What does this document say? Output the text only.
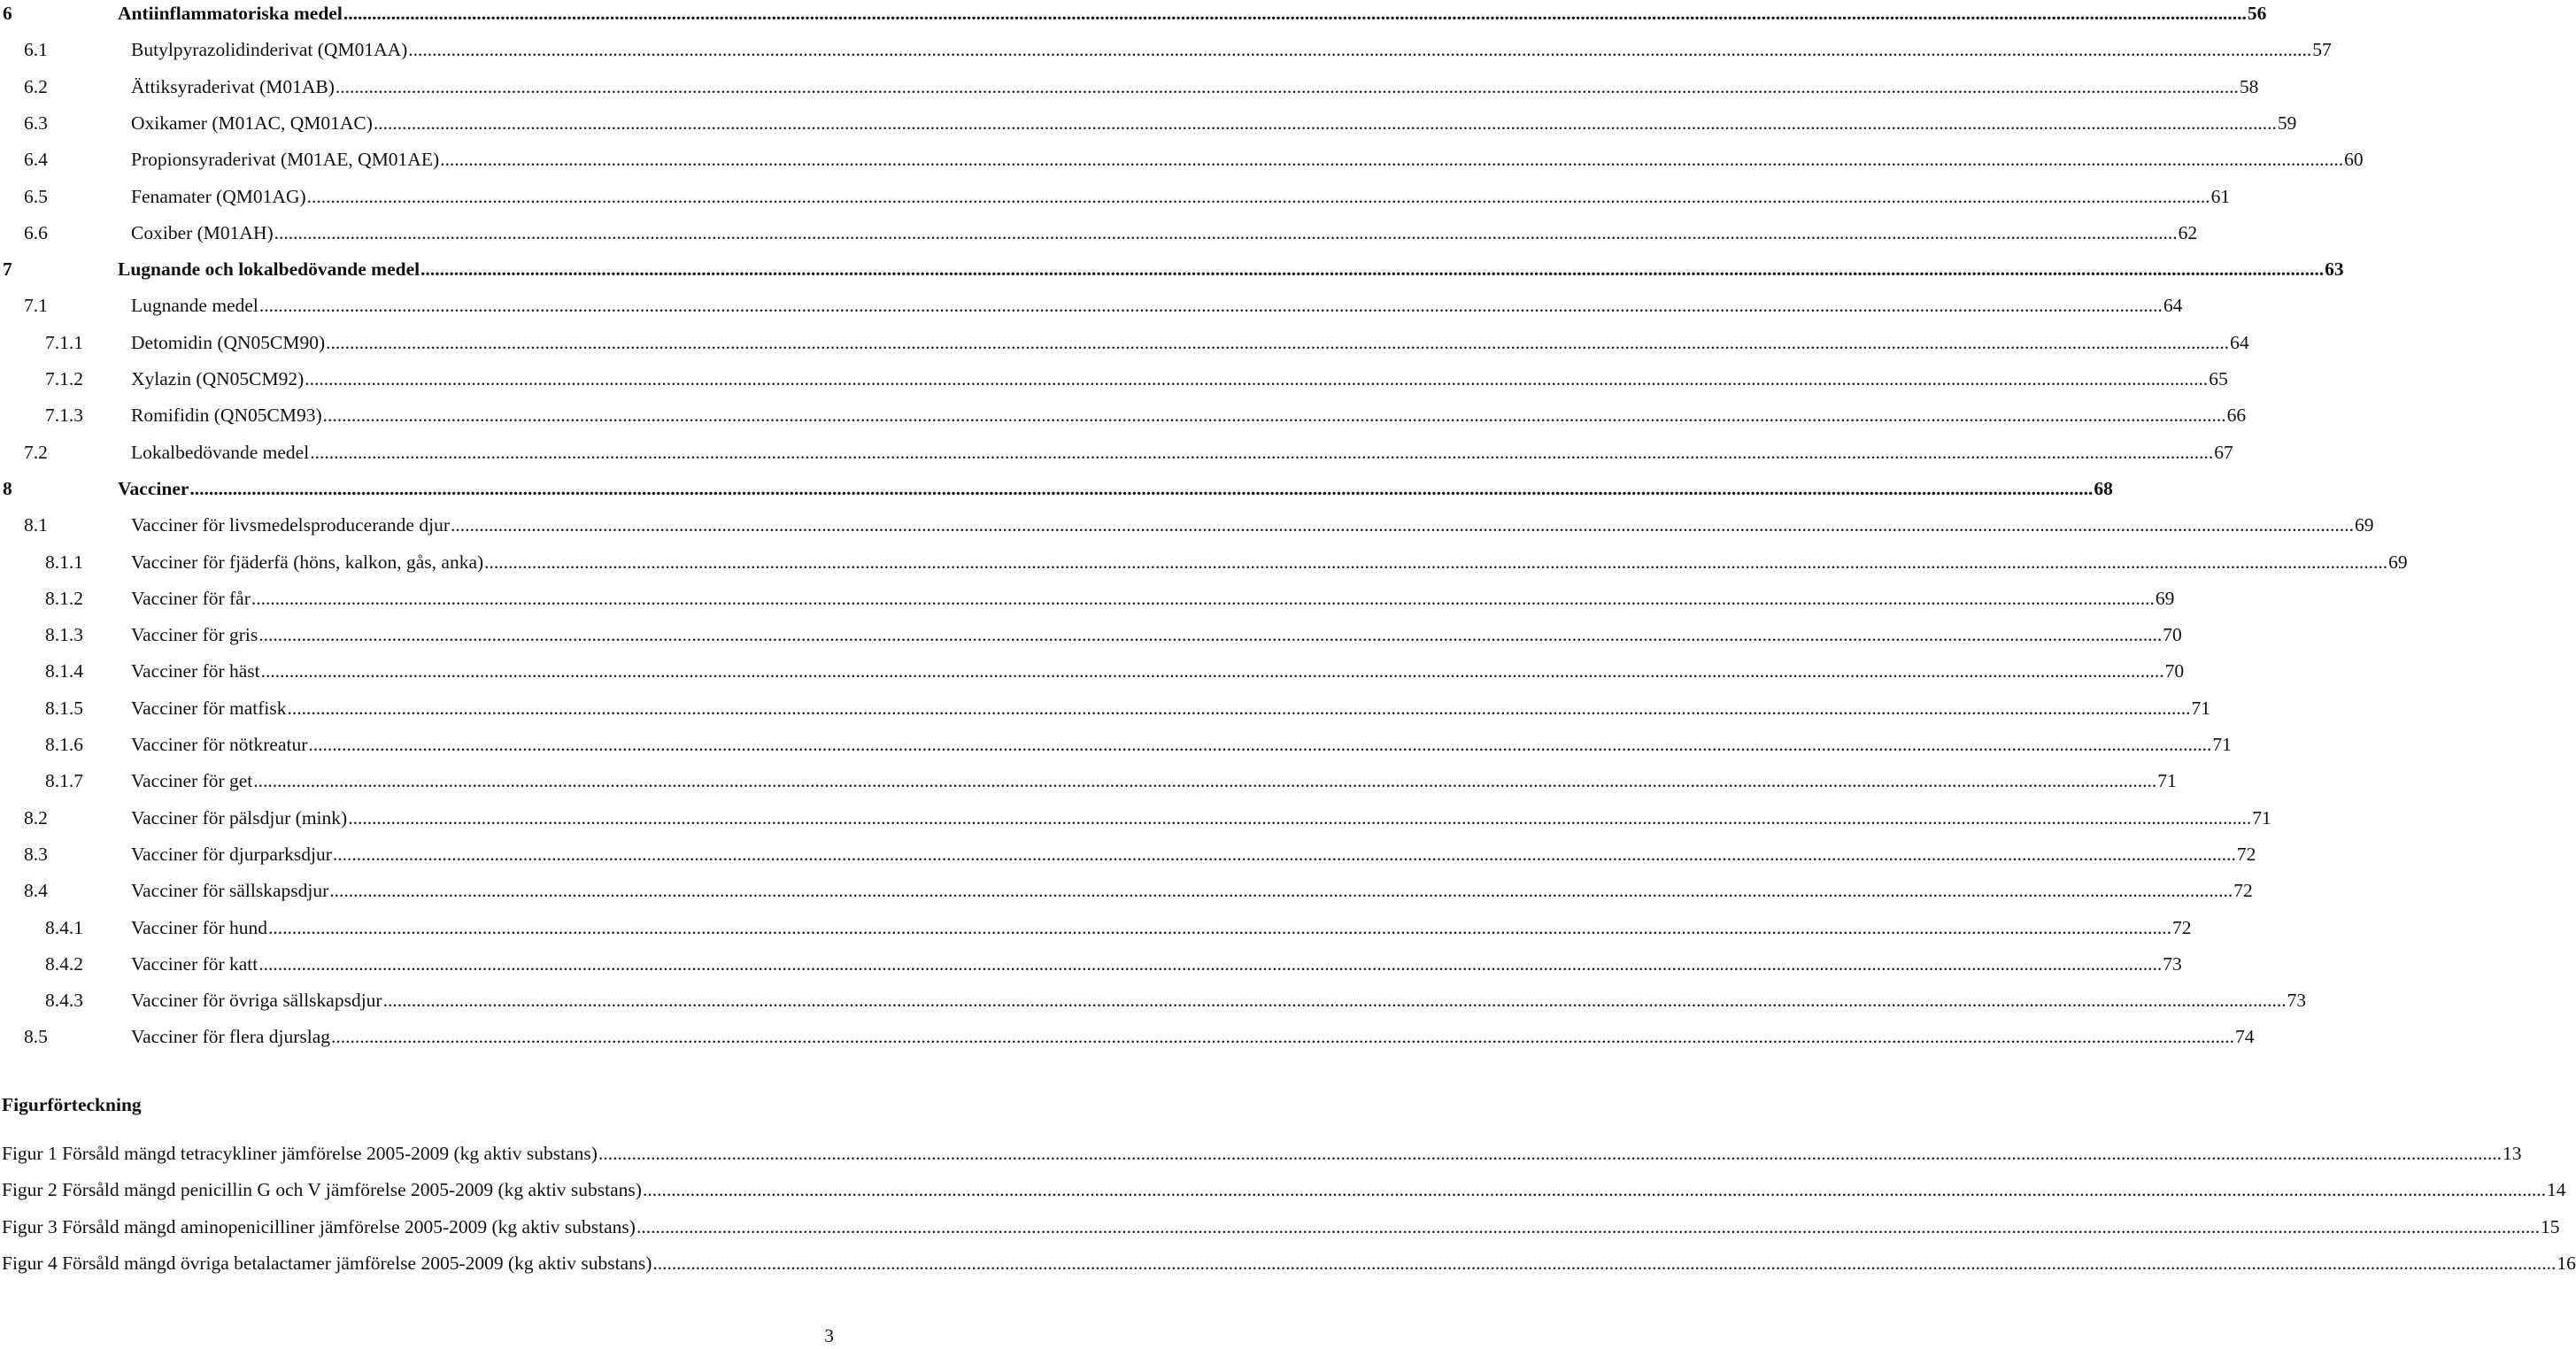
6	Antiinflammatoriska medel ................................................................................................................................................................................................................................................................................................................................................................................................................ 56
6.1	Butylpyrazolidinderivat (QM01AA) ................................................................................................................................................................................................................................................................................................................................................................................................................ 57
6.2	Ättiksyraderivat (M01AB) ................................................................................................................................................................................................................................................................................................................................................................................................................ 58
6.3	Oxikamer (M01AC, QM01AC) ................................................................................................................................................................................................................................................................................................................................................................................................................ 59
6.4	Propionsyraderivat (M01AE, QM01AE) ................................................................................................................................................................................................................................................................................................................................................................................................................ 60
6.5	Fenamater (QM01AG) ................................................................................................................................................................................................................................................................................................................................................................................................................ 61
6.6	Coxiber (M01AH) ................................................................................................................................................................................................................................................................................................................................................................................................................ 62
7	Lugnande och lokalbedövande medel ................................................................................................................................................................................................................................................................................................................................................................................................................ 63
7.1	Lugnande medel ................................................................................................................................................................................................................................................................................................................................................................................................................ 64
7.1.1	Detomidin (QN05CM90) ................................................................................................................................................................................................................................................................................................................................................................................................................ 64
7.1.2	Xylazin (QN05CM92) ................................................................................................................................................................................................................................................................................................................................................................................................................ 65
7.1.3	Romifidin (QN05CM93) ................................................................................................................................................................................................................................................................................................................................................................................................................ 66
7.2	Lokalbedövande medel ................................................................................................................................................................................................................................................................................................................................................................................................................ 67
8	Vacciner ................................................................................................................................................................................................................................................................................................................................................................................................................ 68
8.1	Vacciner för livsmedelsproducerande djur ................................................................................................................................................................................................................................................................................................................................................................................................................ 69
8.1.1	Vacciner för fjäderfä (höns, kalkon, gås, anka) ................................................................................................................................................................................................................................................................................................................................................................................................................ 69
8.1.2	Vacciner för får ................................................................................................................................................................................................................................................................................................................................................................................................................ 69
8.1.3	Vacciner för gris ................................................................................................................................................................................................................................................................................................................................................................................................................ 70
8.1.4	Vacciner för häst ................................................................................................................................................................................................................................................................................................................................................................................................................ 70
8.1.5	Vacciner för matfisk ................................................................................................................................................................................................................................................................................................................................................................................................................ 71
8.1.6	Vacciner för nötkreatur ................................................................................................................................................................................................................................................................................................................................................................................................................ 71
8.1.7	Vacciner för get ................................................................................................................................................................................................................................................................................................................................................................................................................ 71
8.2	Vacciner för pälsdjur (mink) ................................................................................................................................................................................................................................................................................................................................................................................................................ 71
8.3	Vacciner för djurparksdjur ................................................................................................................................................................................................................................................................................................................................................................................................................ 72
8.4	Vacciner för sällskapsdjur ................................................................................................................................................................................................................................................................................................................................................................................................................ 72
8.4.1	Vacciner för hund ................................................................................................................................................................................................................................................................................................................................................................................................................ 72
8.4.2	Vacciner för katt ................................................................................................................................................................................................................................................................................................................................................................................................................ 73
8.4.3	Vacciner för övriga sällskapsdjur ................................................................................................................................................................................................................................................................................................................................................................................................................ 73
8.5	Vacciner för flera djurslag ................................................................................................................................................................................................................................................................................................................................................................................................................ 74
Figurförteckning
Figur 1 Försåld mängd tetracykliner jämförelse 2005-2009 (kg aktiv substans) ................................................................................................................................................................................................................................................................................................................................................................................................................ 13
Figur 2 Försåld mängd penicillin G och V jämförelse 2005-2009 (kg aktiv substans) ................................................................................................................................................................................................................................................................................................................................................................................................................ 14
Figur 3 Försåld mängd aminopenicilliner jämförelse 2005-2009 (kg aktiv substans) ................................................................................................................................................................................................................................................................................................................................................................................................................ 15
Figur 4 Försåld mängd övriga betalactamer jämförelse 2005-2009 (kg aktiv substans) ................................................................................................................................................................................................................................................................................................................................................................................................................ 16
3
